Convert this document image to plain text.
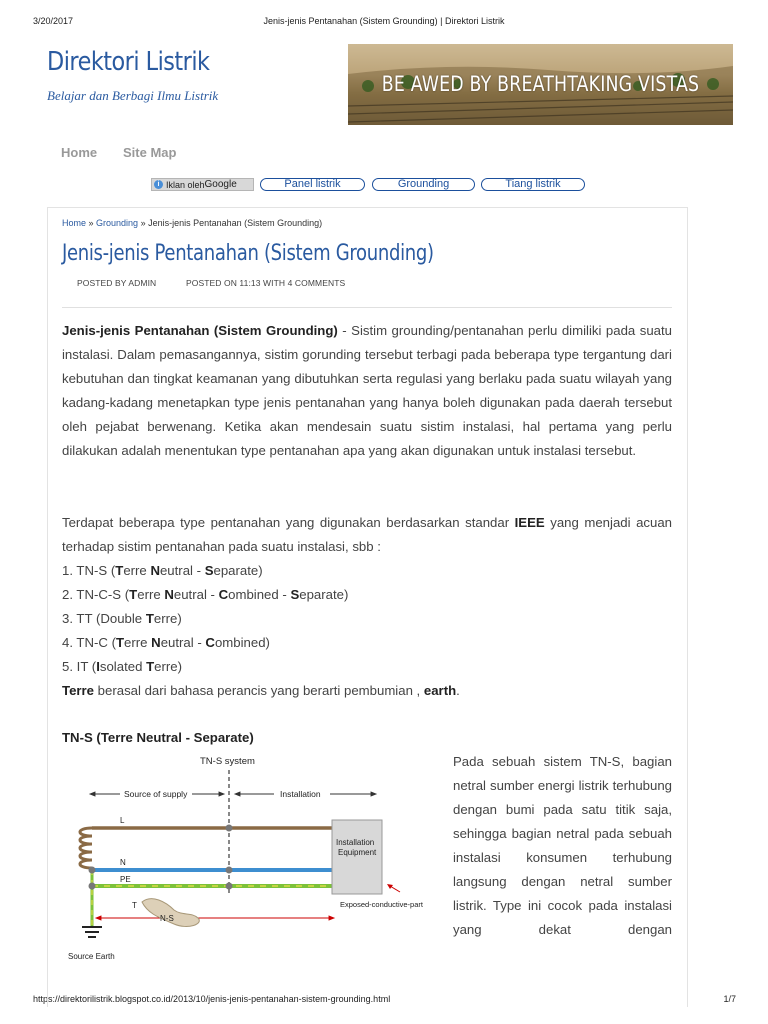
3/20/2017	Jenis-jenis Pentanahan (Sistem Grounding) | Direktori Listrik
https://direktorilistrik.blogspot.co.id/2013/10/jenis-jenis-pentanahan-sistem-grounding.html	1/7
Direktori Listrik
Belajar dan Berbagi Ilmu Listrik	BE AWED BY BREATHTAKING VISTAS
Home Site Map
i Iklan oleh Google	Panel listrik	Grounding	Tiang listrik
Home » Grounding » Jenis-jenis Pentanahan (Sistem Grounding)
Jenis-jenis Pentanahan (Sistem Grounding)
POSTED BY ADMIN	POSTED ON 11:13 WITH 4 COMMENTS
Jenis-jenis Pentanahan (Sistem Grounding) - Sistim grounding/pentanahan perlu dimiliki pada suatu instalasi. Dalam pemasangannya, sistim gorunding tersebut terbagi pada beberapa type tergantung dari kebutuhan dan tingkat keamanan yang dibutuhkan serta regulasi yang berlaku pada suatu wilayah yang kadang-kadang menetapkan type jenis pentanahan yang hanya boleh digunakan pada daerah tersebut oleh pejabat berwenang. Ketika akan mendesain suatu sistim instalasi, hal pertama yang perlu dilakukan adalah menentukan type pentanahan apa yang akan digunakan untuk instalasi tersebut.
Terdapat beberapa type pentanahan yang digunakan berdasarkan standar IEEE yang menjadi acuan terhadap sistim pentanahan pada suatu instalasi, sbb :
1. TN-S (Terre Neutral - Separate)
2. TN-C-S (Terre Neutral - Combined - Separate)
3. TT (Double Terre)
4. TN-C (Terre Neutral - Combined)
5. IT (Isolated Terre)
Terre berasal dari bahasa perancis yang berarti pembumian , earth.
TN-S (Terre Neutral - Separate)
TN-S system
Source of supply	Installation
L
N
PE
Source Earth
Installation
Equipment
Exposed-conductive-part
T
N-S
Pada sebuah sistem TN-S, bagian netral sumber energi listrik terhubung dengan bumi pada satu titik saja, sehingga bagian netral pada sebuah instalasi konsumen terhubung langsung dengan netral sumber listrik. Type ini cocok pada instalasi yang dekat dengan
